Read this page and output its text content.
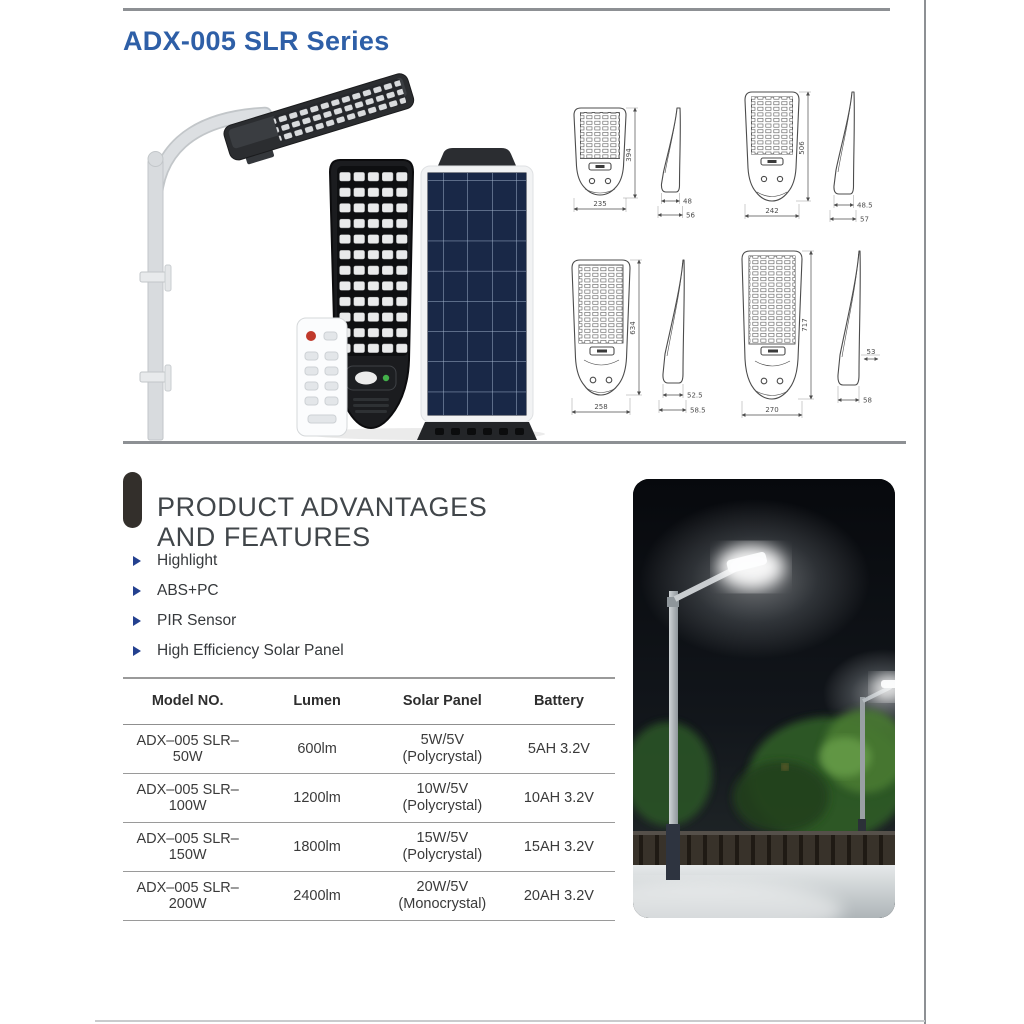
ADX-005 SLR Series
235
394
48
56
242
506
48.5
57
258
634
52.5
58.5	270
717
53
58
PRODUCT ADVANTAGES
AND FEATURES
Highlight
ABS+PC
PIR Sensor
High Efficiency Solar Panel
Model NO.	Lumen	Solar Panel	Battery
ADX–005 SLR–50W	600lm	5W/5V
(Polycrystal)	5AH 3.2V
ADX–005 SLR–100W	1200lm	10W/5V
(Polycrystal)	10AH 3.2V
ADX–005 SLR–150W	1800lm	15W/5V
(Polycrystal)	15AH 3.2V
ADX–005 SLR–200W	2400lm	20W/5V
(Monocrystal)	20AH 3.2V
